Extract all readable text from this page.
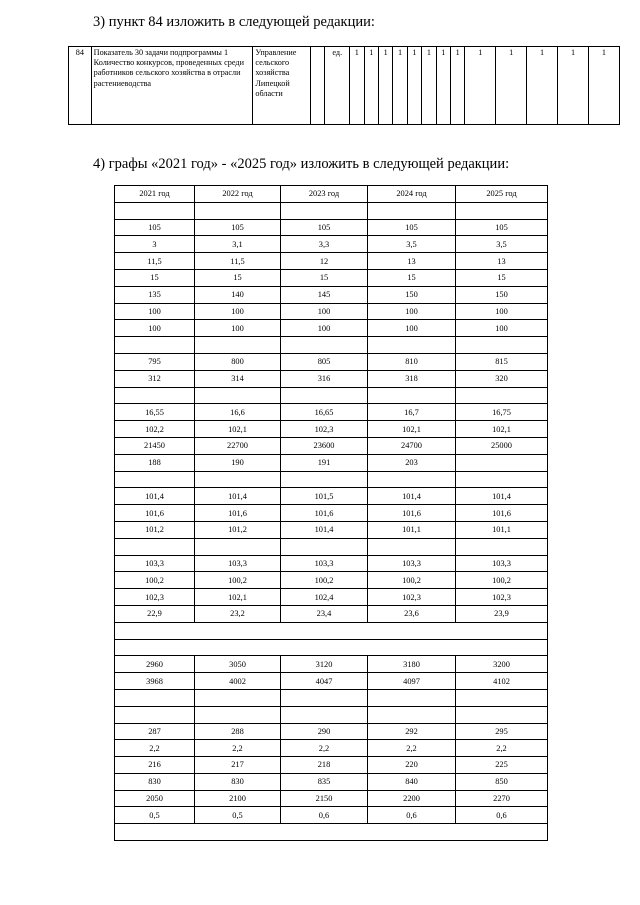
3) пункт 84 изложить в следующей редакции:
84	Показатель 30 задачи подпрограммы 1 Количество конкурсов, проведенных среди работников сельского хозяйства в отрасли растениеводства	Управление сельского хозяйства Липецкой области		ед.	1	1	1	1	1	1	1	1	1	1	1	1	1
4) графы «2021 год» - «2025 год» изложить в следующей редакции:
2021 год	2022 год	2023 год	2024 год	2025 год

105	105	105	105	105
3	3,1	3,3	3,5	3,5
11,5	11,5	12	13	13
15	15	15	15	15
135	140	145	150	150
100	100	100	100	100
100	100	100	100	100

795	800	805	810	815
312	314	316	318	320

16,55	16,6	16,65	16,7	16,75
102,2	102,1	102,3	102,1	102,1
21450	22700	23600	24700	25000
188	190	191	203	

101,4	101,4	101,5	101,4	101,4
101,6	101,6	101,6	101,6	101,6
101,2	101,2	101,4	101,1	101,1

103,3	103,3	103,3	103,3	103,3
100,2	100,2	100,2	100,2	100,2
102,3	102,1	102,4	102,3	102,3
22,9	23,2	23,4	23,6	23,9

2960	3050	3120	3180	3200
3968	4002	4047	4097	4102

287	288	290	292	295
2,2	2,2	2,2	2,2	2,2
216	217	218	220	225
830	830	835	840	850
2050	2100	2150	2200	2270
0,5	0,5	0,6	0,6	0,6
